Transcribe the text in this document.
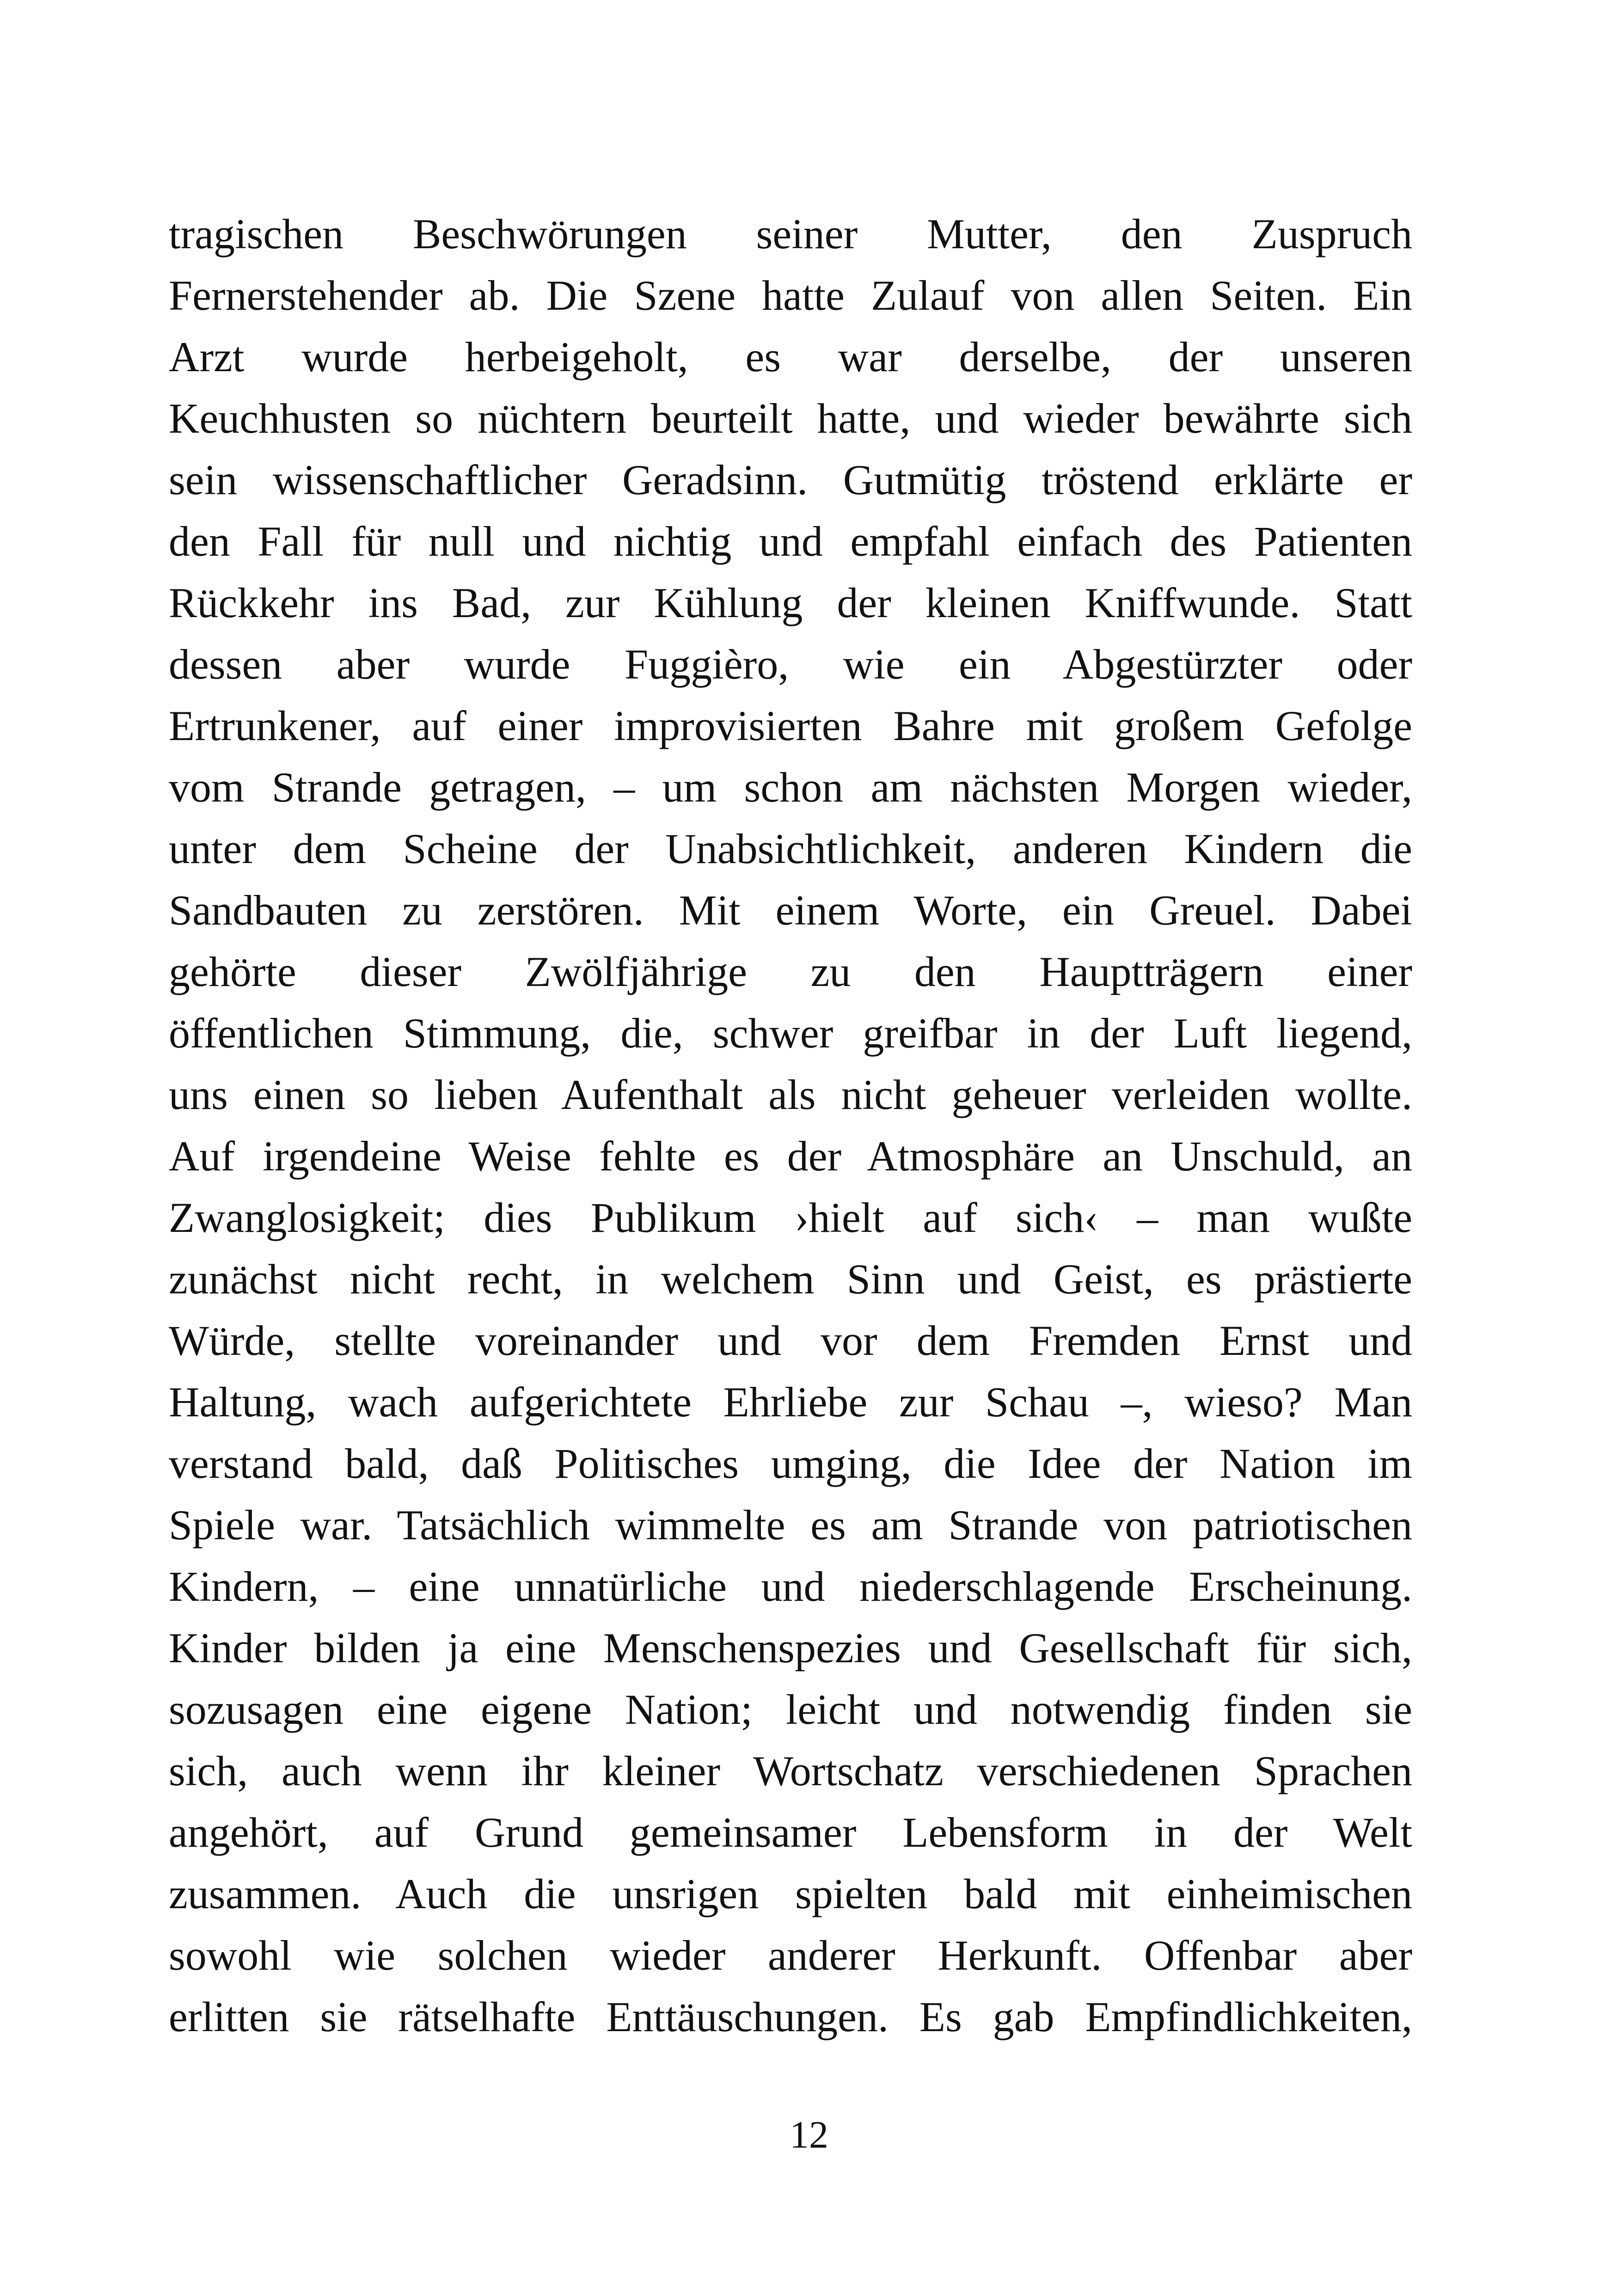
tragischen Beschwörungen seiner Mutter, den Zuspruch
Fernerstehender ab. Die Szene hatte Zulauf von allen Seiten. Ein
Arzt wurde herbeigeholt, es war derselbe, der unseren
Keuchhusten so nüchtern beurteilt hatte, und wieder bewährte sich
sein wissenschaftlicher Geradsinn. Gutmütig tröstend erklärte er
den Fall für null und nichtig und empfahl einfach des Patienten
Rückkehr ins Bad, zur Kühlung der kleinen Kniffwunde. Statt
dessen aber wurde Fuggièro, wie ein Abgestürzter oder
Ertrunkener, auf einer improvisierten Bahre mit großem Gefolge
vom Strande getragen, – um schon am nächsten Morgen wieder,
unter dem Scheine der Unabsichtlichkeit, anderen Kindern die
Sandbauten zu zerstören. Mit einem Worte, ein Greuel. Dabei
gehörte dieser Zwölfjährige zu den Hauptträgern einer
öffentlichen Stimmung, die, schwer greifbar in der Luft liegend,
uns einen so lieben Aufenthalt als nicht geheuer verleiden wollte.
Auf irgendeine Weise fehlte es der Atmosphäre an Unschuld, an
Zwanglosigkeit; dies Publikum ›hielt auf sich‹ – man wußte
zunächst nicht recht, in welchem Sinn und Geist, es prästierte
Würde, stellte voreinander und vor dem Fremden Ernst und
Haltung, wach aufgerichtete Ehrliebe zur Schau –, wieso? Man
verstand bald, daß Politisches umging, die Idee der Nation im
Spiele war. Tatsächlich wimmelte es am Strande von patriotischen
Kindern, – eine unnatürliche und niederschlagende Erscheinung.
Kinder bilden ja eine Menschenspezies und Gesellschaft für sich,
sozusagen eine eigene Nation; leicht und notwendig finden sie
sich, auch wenn ihr kleiner Wortschatz verschiedenen Sprachen
angehört, auf Grund gemeinsamer Lebensform in der Welt
zusammen. Auch die unsrigen spielten bald mit einheimischen
sowohl wie solchen wieder anderer Herkunft. Offenbar aber
erlitten sie rätselhafte Enttäuschungen. Es gab Empfindlichkeiten,
12
